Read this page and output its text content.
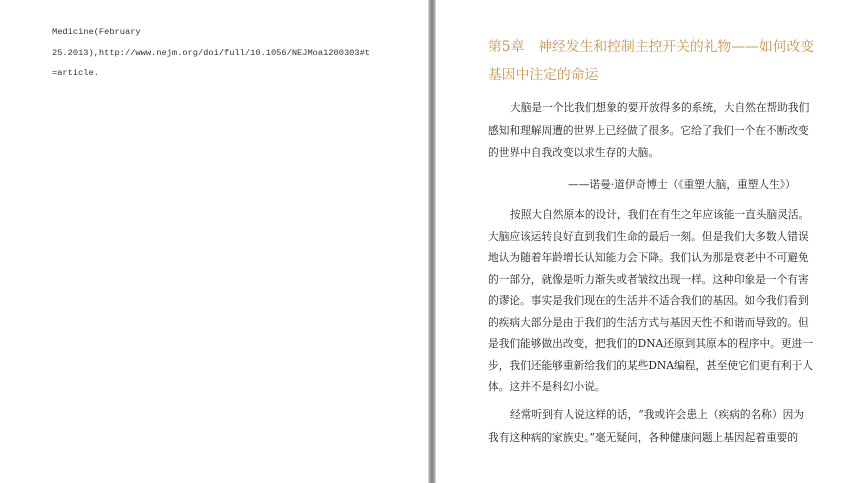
Medicine(February
25.2013),http://www.nejm.org/doi/full/10.1056/NEJMoa1200303#t
=article.
第5章　神经发生和控制主控开关的礼物——如何改变
基因中注定的命运
大脑是一个比我们想象的要开放得多的系统，大自然在帮助我们
感知和理解周遭的世界上已经做了很多。它给了我们一个在不断改变
的世界中自我改变以求生存的大脑。
——诺曼·道伊奇博士（《重塑大脑，重塑人生》）
按照大自然原本的设计，我们在有生之年应该能一直头脑灵活。
大脑应该运转良好直到我们生命的最后一刻。但是我们大多数人错误
地认为随着年龄增长认知能力会下降。我们认为那是衰老中不可避免
的一部分，就像是听力渐失或者皱纹出现一样。这种印象是一个有害
的谬论。事实是我们现在的生活并不适合我们的基因。如今我们看到
的疾病大部分是由于我们的生活方式与基因天性不和谐而导致的。但
是我们能够做出改变，把我们的DNA还原到其原本的程序中。更进一
步，我们还能够重新给我们的某些DNA编程，甚至使它们更有利于人
体。这并不是科幻小说。
经常听到有人说这样的话，“我或许会患上（疾病的名称）因为
我有这种病的家族史。”毫无疑问，各种健康问题上基因起着重要的
